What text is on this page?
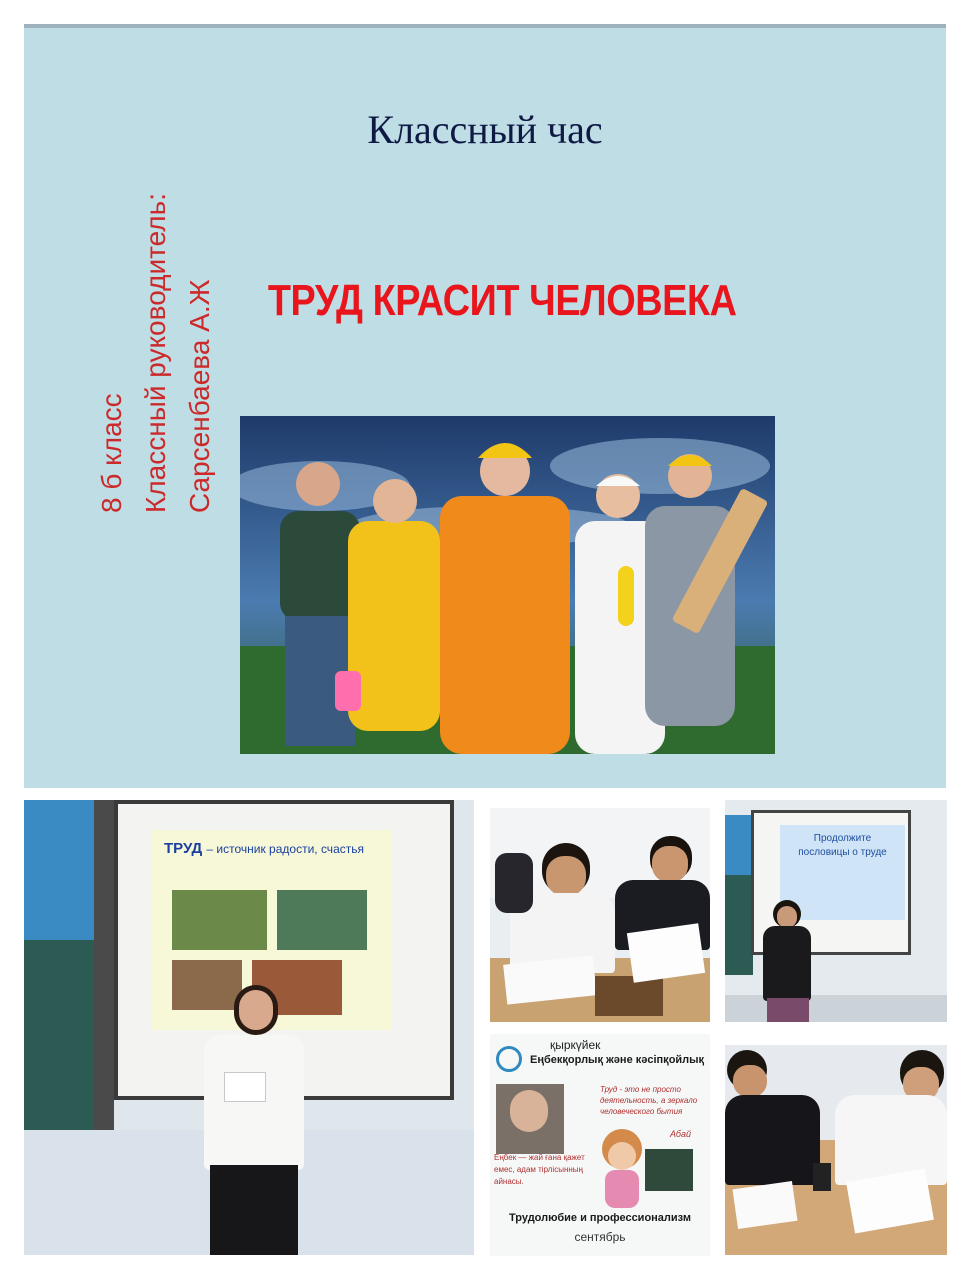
Классный час
8 б класс Классный руководитель: Сарсенбаева А.Ж	ТРУД КРАСИТ ЧЕЛОВЕКА
ТРУД – источник радости, счастья
Продолжите
пословицы о труде
қыркүйек
Еңбекқорлық және кәсіпқойлық
Труд - это не просто деятельность, а зеркало человеческого бытия
Абай
Еңбек — жай ғана қажет емес, адам тірлісынның айнасы.
Трудолюбие и профессионализм
сентябрь
